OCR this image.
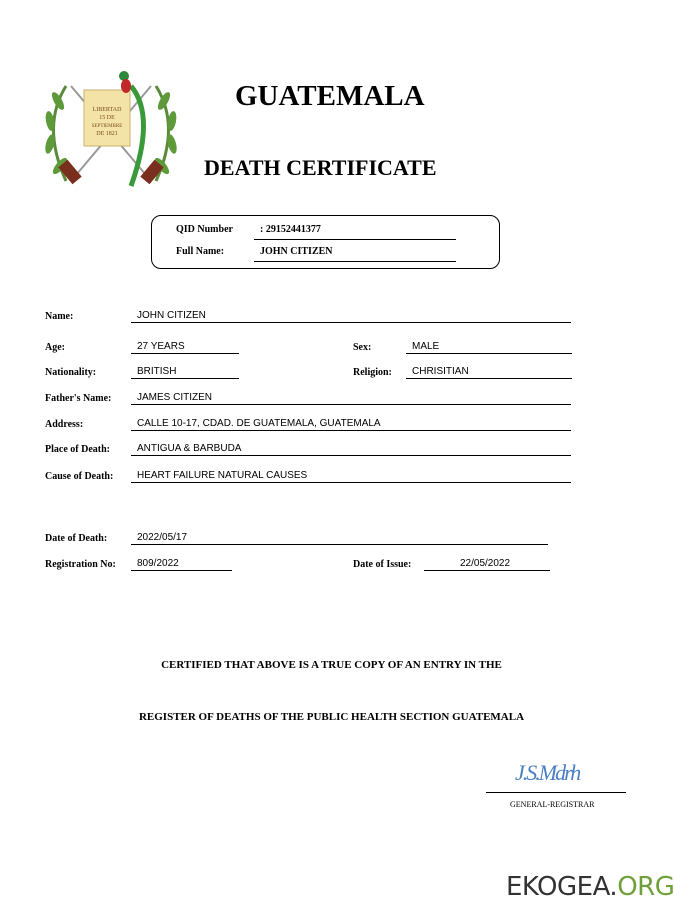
LIBERTAD
15 DE
SEPTIEMBRE
DE 1821
GUATEMALA
DEATH CERTIFICATE
QID Number	: 29152441377
Full Name:	JOHN CITIZEN
Name:	JOHN CITIZEN
Age:	27 YEARS	Sex:	MALE
Nationality:	BRITISH	Religion: CHRISITIAN
Father's Name:	JAMES CITIZEN
Address:	CALLE 10-17, CDAD. DE GUATEMALA, GUATEMALA
Place of Death:	ANTIGUA & BARBUDA
Cause of Death: HEART FAILURE NATURAL CAUSES
Date of Death:	2022/05/17
Registration No: 809/2022	Date of Issue:	22/05/2022
CERTIFIED THAT ABOVE IS A TRUE COPY OF AN ENTRY IN THE
REGISTER OF DEATHS OF THE PUBLIC HEALTH SECTION GUATEMALA
J.S.Mdrh
GENERAL-REGISTRAR
EKOGEA.ORG
